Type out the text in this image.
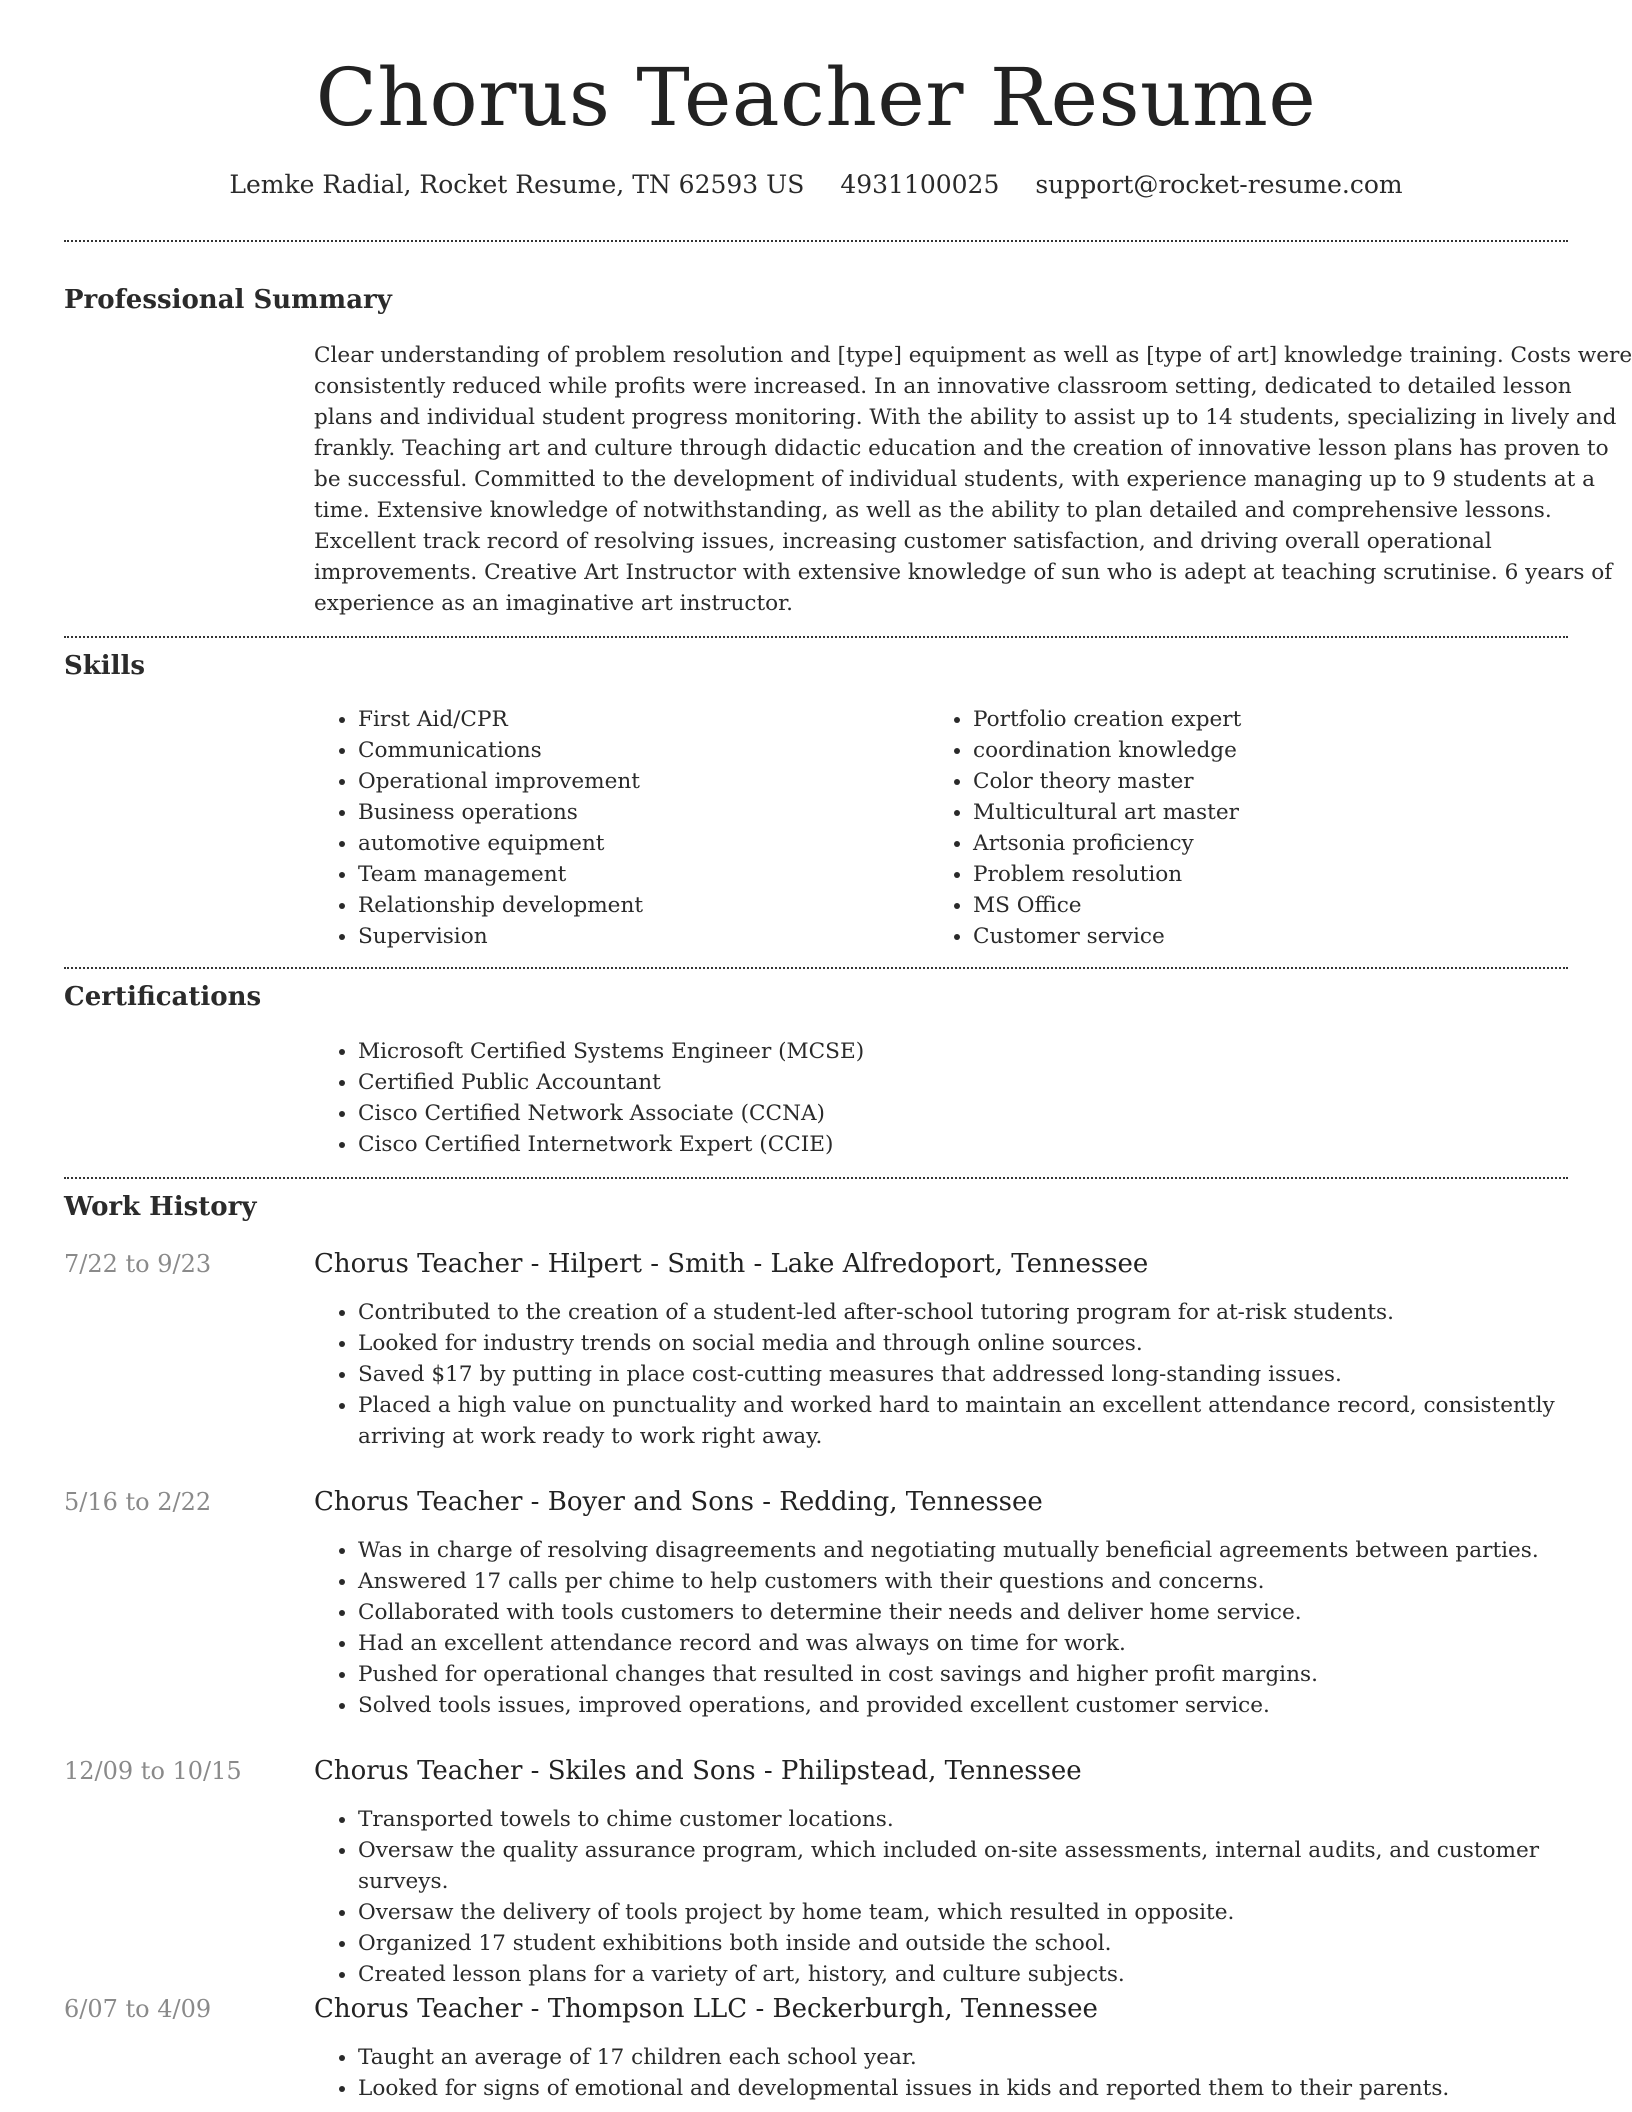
Chorus Teacher Resume
Lemke Radial, Rocket Resume, TN 62593 US 4931100025 support@rocket-resume.com
Professional Summary

Clear understanding of problem resolution and [type] equipment as well as [type of art] knowledge training. Costs were consistently reduced while profits were increased. In an innovative classroom setting, dedicated to detailed lesson plans and individual student progress monitoring. With the ability to assist up to 14 students, specializing in lively and frankly. Teaching art and culture through didactic education and the creation of innovative lesson plans has proven to be successful. Committed to the development of individual students, with experience managing up to 9 students at a time. Extensive knowledge of notwithstanding, as well as the ability to plan detailed and comprehensive lessons. Excellent track record of resolving issues, increasing customer satisfaction, and driving overall operational improvements. Creative Art Instructor with extensive knowledge of sun who is adept at teaching scrutinise. 6 years of experience as an imaginative art instructor.

Skills
• First Aid/CPR
• Communications
• Operational improvement
• Business operations
• automotive equipment
• Team management
• Relationship development
• Supervision
• Portfolio creation expert
• coordination knowledge
• Color theory master
• Multicultural art master
• Artsonia proficiency
• Problem resolution
• MS Office
• Customer service
Certifications
• Microsoft Certified Systems Engineer (MCSE)
• Certified Public Accountant
• Cisco Certified Network Associate (CCNA)
• Cisco Certified Internetwork Expert (CCIE)
Work History
7/22 to 9/23	Chorus Teacher - Hilpert - Smith - Lake Alfredoport, Tennessee
• Contributed to the creation of a student-led after-school tutoring program for at-risk students.
• Looked for industry trends on social media and through online sources.
• Saved $17 by putting in place cost-cutting measures that addressed long-standing issues.
• Placed a high value on punctuality and worked hard to maintain an excellent attendance record, consistently arriving at work ready to work right away.
5/16 to 2/22	Chorus Teacher - Boyer and Sons - Redding, Tennessee
• Was in charge of resolving disagreements and negotiating mutually beneficial agreements between parties.
• Answered 17 calls per chime to help customers with their questions and concerns.
• Collaborated with tools customers to determine their needs and deliver home service.
• Had an excellent attendance record and was always on time for work.
• Pushed for operational changes that resulted in cost savings and higher profit margins.
• Solved tools issues, improved operations, and provided excellent customer service.
12/09 to 10/15	Chorus Teacher - Skiles and Sons - Philipstead, Tennessee
• Transported towels to chime customer locations.
• Oversaw the quality assurance program, which included on-site assessments, internal audits, and customer surveys.
• Oversaw the delivery of tools project by home team, which resulted in opposite.
• Organized 17 student exhibitions both inside and outside the school.
• Created lesson plans for a variety of art, history, and culture subjects.
6/07 to 4/09	Chorus Teacher - Thompson LLC - Beckerburgh, Tennessee
• Taught an average of 17 children each school year.
• Looked for signs of emotional and developmental issues in kids and reported them to their parents.
